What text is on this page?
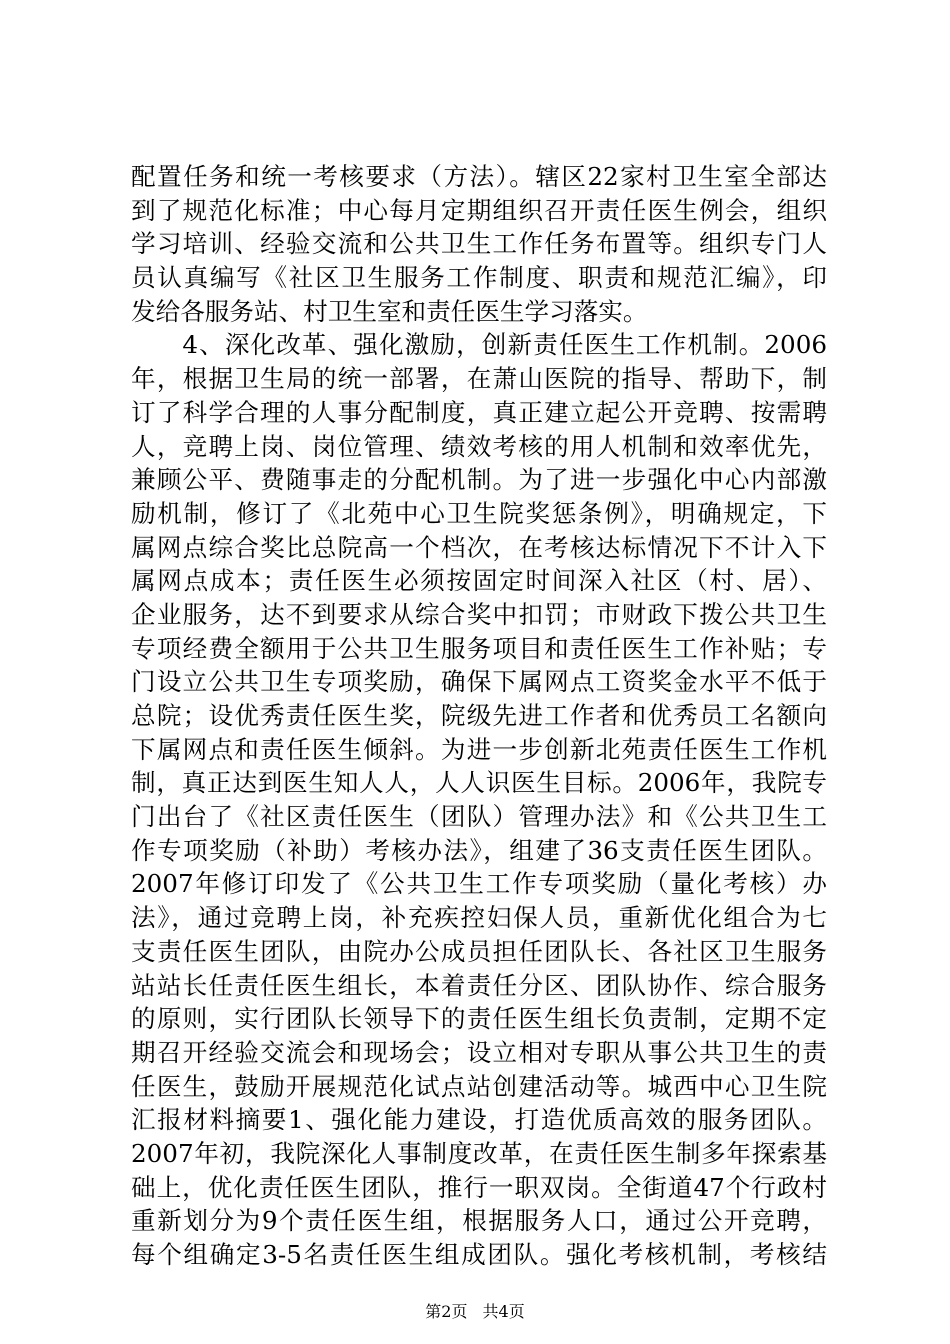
配置任务和统一考核要求（方法）。辖区22家村卫生室全部达
到了规范化标准；中心每月定期组织召开责任医生例会，组织
学习培训、经验交流和公共卫生工作任务布置等。组织专门人
员认真编写《社区卫生服务工作制度、职责和规范汇编》，印
发给各服务站、村卫生室和责任医生学习落实。
　　4、深化改革、强化激励，创新责任医生工作机制。2006
年，根据卫生局的统一部署，在萧山医院的指导、帮助下，制
订了科学合理的人事分配制度，真正建立起公开竞聘、按需聘
人，竞聘上岗、岗位管理、绩效考核的用人机制和效率优先，
兼顾公平、费随事走的分配机制。为了进一步强化中心内部激
励机制，修订了《北苑中心卫生院奖惩条例》，明确规定，下
属网点综合奖比总院高一个档次，在考核达标情况下不计入下
属网点成本；责任医生必须按固定时间深入社区（村、居）、
企业服务，达不到要求从综合奖中扣罚；市财政下拨公共卫生
专项经费全额用于公共卫生服务项目和责任医生工作补贴；专
门设立公共卫生专项奖励，确保下属网点工资奖金水平不低于
总院；设优秀责任医生奖，院级先进工作者和优秀员工名额向
下属网点和责任医生倾斜。为进一步创新北苑责任医生工作机
制，真正达到医生知人人，人人识医生目标。2006年，我院专
门出台了《社区责任医生（团队）管理办法》和《公共卫生工
作专项奖励（补助）考核办法》，组建了36支责任医生团队。
2007年修订印发了《公共卫生工作专项奖励（量化考核）办
法》，通过竞聘上岗，补充疾控妇保人员，重新优化组合为七
支责任医生团队，由院办公成员担任团队长、各社区卫生服务
站站长任责任医生组长，本着责任分区、团队协作、综合服务
的原则，实行团队长领导下的责任医生组长负责制，定期不定
期召开经验交流会和现场会；设立相对专职从事公共卫生的责
任医生，鼓励开展规范化试点站创建活动等。城西中心卫生院
汇报材料摘要1、强化能力建设，打造优质高效的服务团队。
2007年初，我院深化人事制度改革，在责任医生制多年探索基
础上，优化责任医生团队，推行一职双岗。全街道47个行政村
重新划分为9个责任医生组，根据服务人口，通过公开竞聘，
每个组确定3-5名责任医生组成团队。强化考核机制，考核结
第2页 共4页
